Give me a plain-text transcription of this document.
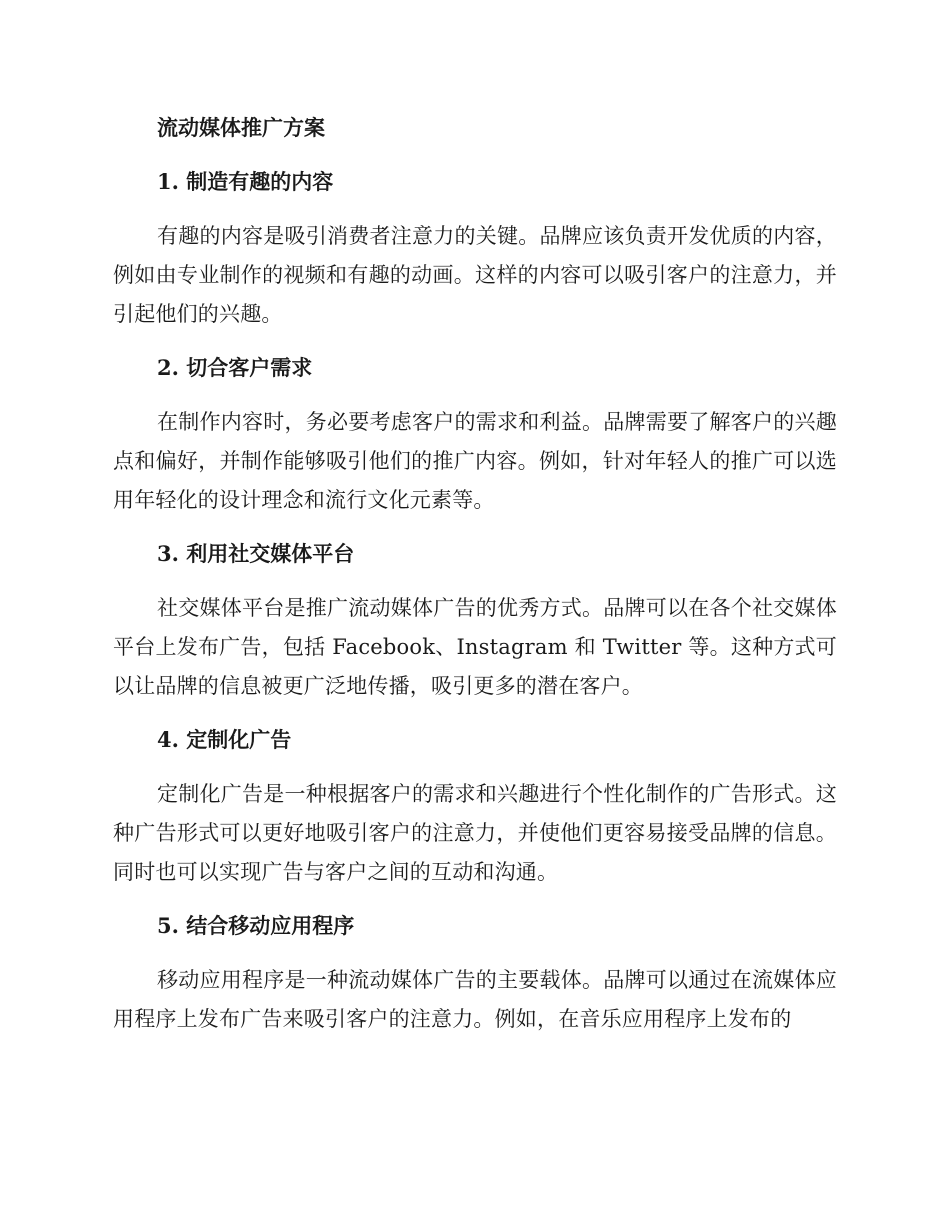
流动媒体推广方案
1. 制造有趣的内容

有趣的内容是吸引消费者注意力的关键。品牌应该负责开发优质的内容，例如由专业制作的视频和有趣的动画。这样的内容可以吸引客户的注意力，并引起他们的兴趣。

2. 切合客户需求

在制作内容时，务必要考虑客户的需求和利益。品牌需要了解客户的兴趣点和偏好，并制作能够吸引他们的推广内容。例如，针对年轻人的推广可以选用年轻化的设计理念和流行文化元素等。

3. 利用社交媒体平台

社交媒体平台是推广流动媒体广告的优秀方式。品牌可以在各个社交媒体平台上发布广告，包括 Facebook、Instagram 和 Twitter 等。这种方式可以让品牌的信息被更广泛地传播，吸引更多的潜在客户。

4. 定制化广告

定制化广告是一种根据客户的需求和兴趣进行个性化制作的广告形式。这种广告形式可以更好地吸引客户的注意力，并使他们更容易接受品牌的信息。同时也可以实现广告与客户之间的互动和沟通。

5. 结合移动应用程序

移动应用程序是一种流动媒体广告的主要载体。品牌可以通过在流媒体应用程序上发布广告来吸引客户的注意力。例如，在音乐应用程序上发布的
